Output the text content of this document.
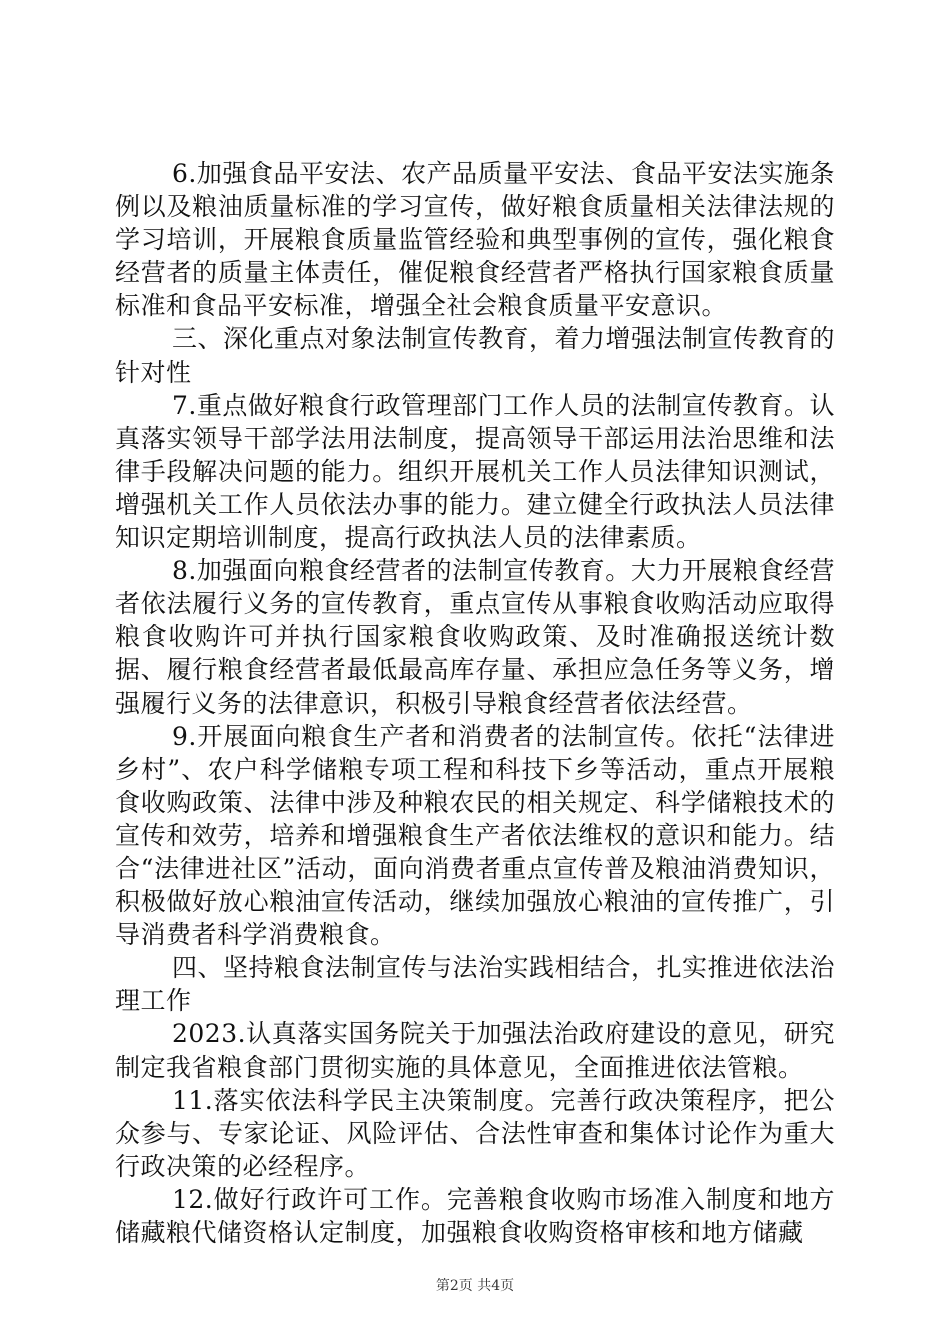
6.加强食品平安法、农产品质量平安法、食品平安法实施条例以及粮油质量标准的学习宣传，做好粮食质量相关法律法规的学习培训，开展粮食质量监管经验和典型事例的宣传，强化粮食经营者的质量主体责任，催促粮食经营者严格执行国家粮食质量标准和食品平安标准，增强全社会粮食质量平安意识。

三、深化重点对象法制宣传教育，着力增强法制宣传教育的针对性

7.重点做好粮食行政管理部门工作人员的法制宣传教育。认真落实领导干部学法用法制度，提高领导干部运用法治思维和法律手段解决问题的能力。组织开展机关工作人员法律知识测试，增强机关工作人员依法办事的能力。建立健全行政执法人员法律知识定期培训制度，提高行政执法人员的法律素质。

8.加强面向粮食经营者的法制宣传教育。大力开展粮食经营者依法履行义务的宣传教育，重点宣传从事粮食收购活动应取得粮食收购许可并执行国家粮食收购政策、及时准确报送统计数据、履行粮食经营者最低最高库存量、承担应急任务等义务，增强履行义务的法律意识，积极引导粮食经营者依法经营。

9.开展面向粮食生产者和消费者的法制宣传。依托“法律进乡村”、农户科学储粮专项工程和科技下乡等活动，重点开展粮食收购政策、法律中涉及种粮农民的相关规定、科学储粮技术的宣传和效劳，培养和增强粮食生产者依法维权的意识和能力。结合“法律进社区”活动，面向消费者重点宣传普及粮油消费知识，积极做好放心粮油宣传活动，继续加强放心粮油的宣传推广，引导消费者科学消费粮食。

四、坚持粮食法制宣传与法治实践相结合，扎实推进依法治理工作

2023.认真落实国务院关于加强法治政府建设的意见，研究制定我省粮食部门贯彻实施的具体意见，全面推进依法管粮。

11.落实依法科学民主决策制度。完善行政决策程序，把公众参与、专家论证、风险评估、合法性审查和集体讨论作为重大行政决策的必经程序。

12.做好行政许可工作。完善粮食收购市场准入制度和地方储藏粮代储资格认定制度，加强粮食收购资格审核和地方储藏

第2页 共4页
